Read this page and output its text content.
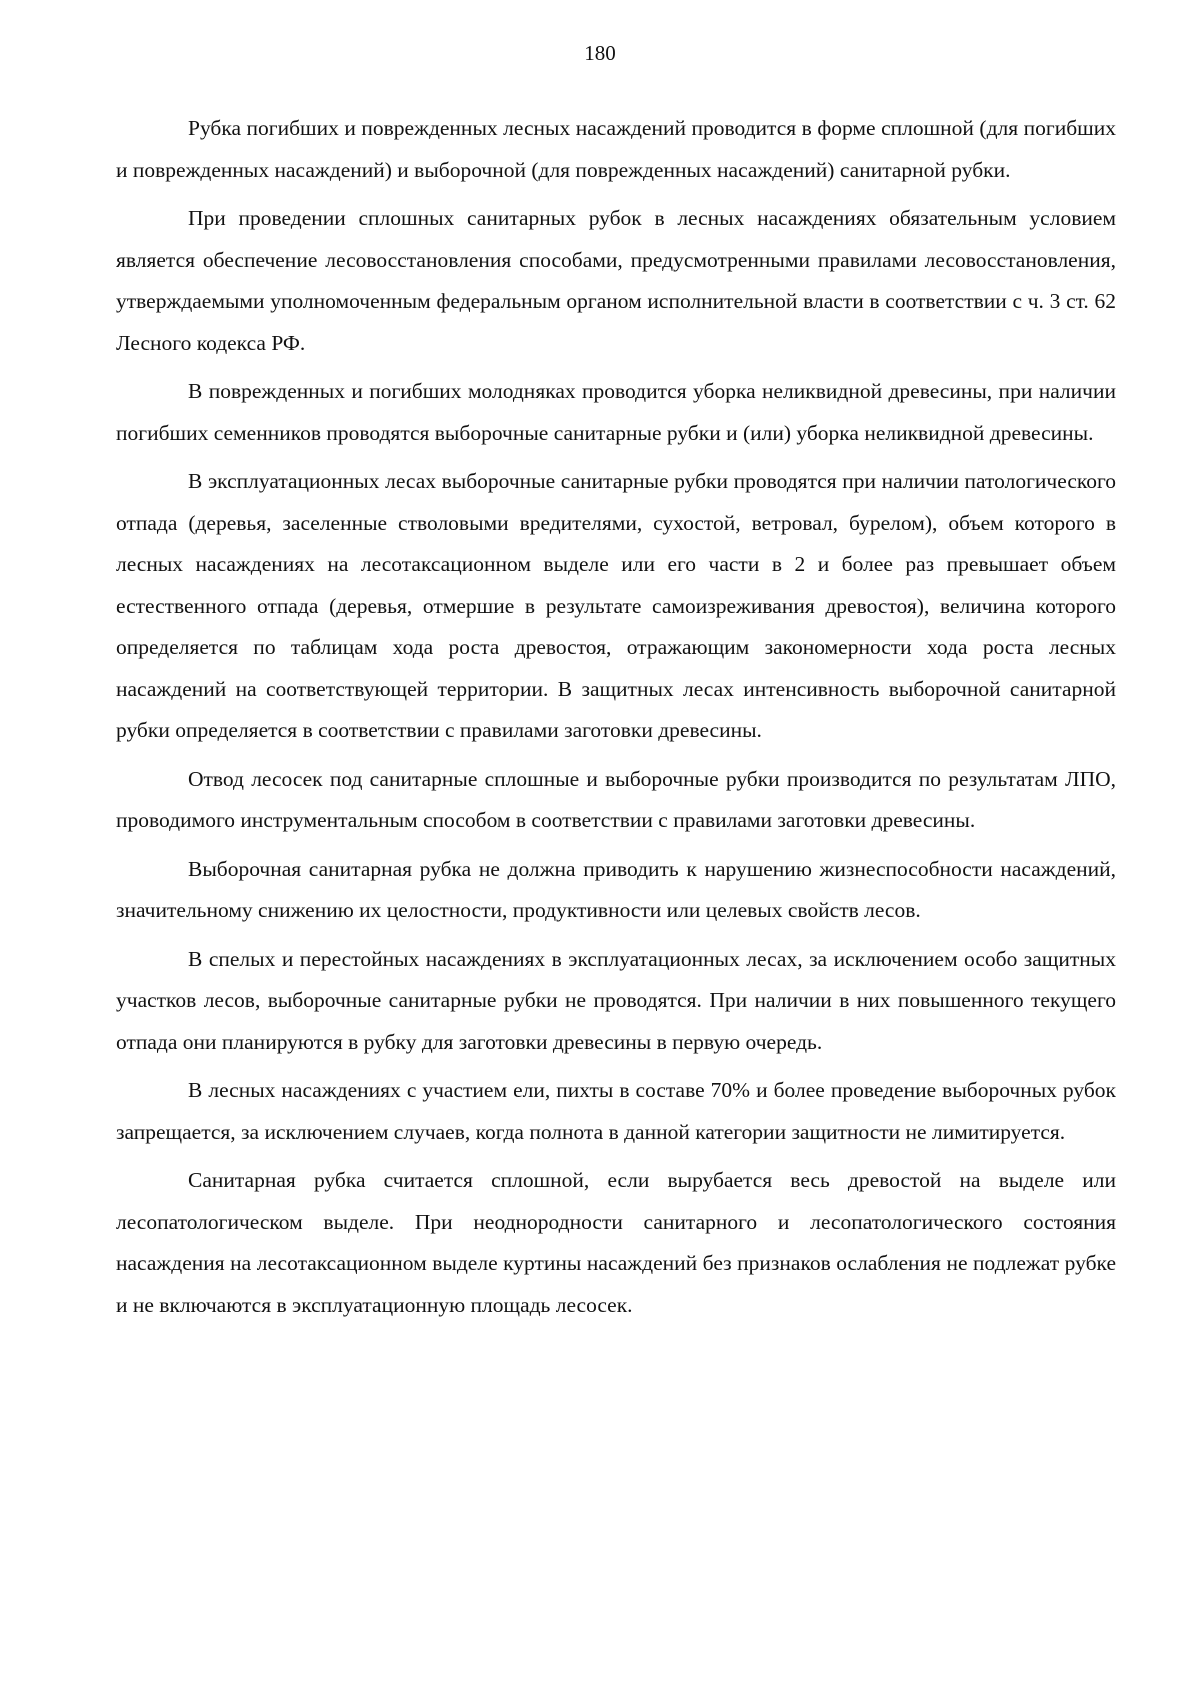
180

Рубка погибших и поврежденных лесных насаждений проводится в форме сплошной (для погибших и поврежденных насаждений) и выборочной (для поврежденных насаждений) санитарной рубки.

При проведении сплошных санитарных рубок в лесных насаждениях обязательным условием является обеспечение лесовосстановления способами, предусмотренными правилами лесовосстановления, утверждаемыми уполномоченным федеральным органом исполнительной власти в соответствии с ч. 3 ст. 62 Лесного кодекса РФ.

В поврежденных и погибших молодняках проводится уборка неликвидной древесины, при наличии погибших семенников проводятся выборочные санитарные рубки и (или) уборка неликвидной древесины.

В эксплуатационных лесах выборочные санитарные рубки проводятся при наличии патологического отпада (деревья, заселенные стволовыми вредителями, сухостой, ветровал, бурелом), объем которого в лесных насаждениях на лесотаксационном выделе или его части в 2 и более раз превышает объем естественного отпада (деревья, отмершие в результате самоизреживания древостоя), величина которого определяется по таблицам хода роста древостоя, отражающим закономерности хода роста лесных насаждений на соответствующей территории. В защитных лесах интенсивность выборочной санитарной рубки определяется в соответствии с правилами заготовки древесины.

Отвод лесосек под санитарные сплошные и выборочные рубки производится по результатам ЛПО, проводимого инструментальным способом в соответствии с правилами заготовки древесины.

Выборочная санитарная рубка не должна приводить к нарушению жизнеспособности насаждений, значительному снижению их целостности, продуктивности или целевых свойств лесов.

В спелых и перестойных насаждениях в эксплуатационных лесах, за исключением особо защитных участков лесов, выборочные санитарные рубки не проводятся. При наличии в них повышенного текущего отпада они планируются в рубку для заготовки древесины в первую очередь.

В лесных насаждениях с участием ели, пихты в составе 70% и более проведение выборочных рубок запрещается, за исключением случаев, когда полнота в данной категории защитности не лимитируется.

Санитарная рубка считается сплошной, если вырубается весь древостой на выделе или лесопатологическом выделе. При неоднородности санитарного и лесопатологического состояния насаждения на лесотаксационном выделе куртины насаждений без признаков ослабления не подлежат рубке и не включаются в эксплуатационную площадь лесосек.
